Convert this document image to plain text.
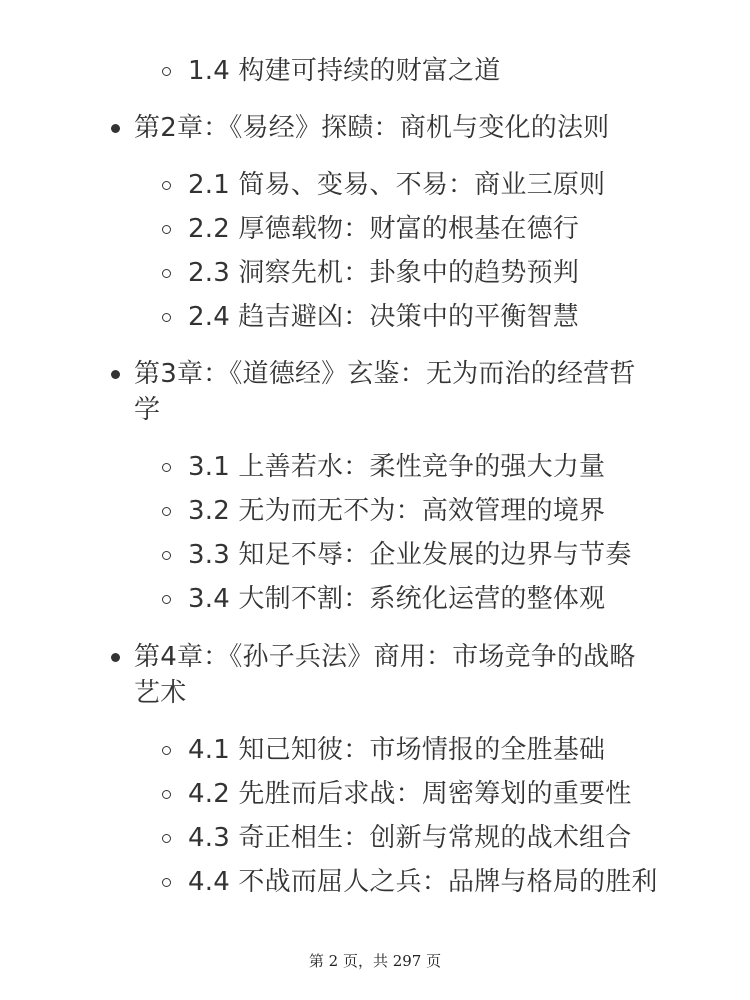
1.4 构建可持续的财富之道
第2章：《易经》探赜：商机与变化的法则
2.1 简易、变易、不易：商业三原则
2.2 厚德载物：财富的根基在德行
2.3 洞察先机：卦象中的趋势预判
2.4 趋吉避凶：决策中的平衡智慧
第3章：《道德经》玄鉴：无为而治的经营哲
学
3.1 上善若水：柔性竞争的强大力量
3.2 无为而无不为：高效管理的境界
3.3 知足不辱：企业发展的边界与节奏
3.4 大制不割：系统化运营的整体观
第4章：《孙子兵法》商用：市场竞争的战略
艺术
4.1 知己知彼：市场情报的全胜基础
4.2 先胜而后求战：周密筹划的重要性
4.3 奇正相生：创新与常规的战术组合
4.4 不战而屈人之兵：品牌与格局的胜利
第 2 页，共 297 页
